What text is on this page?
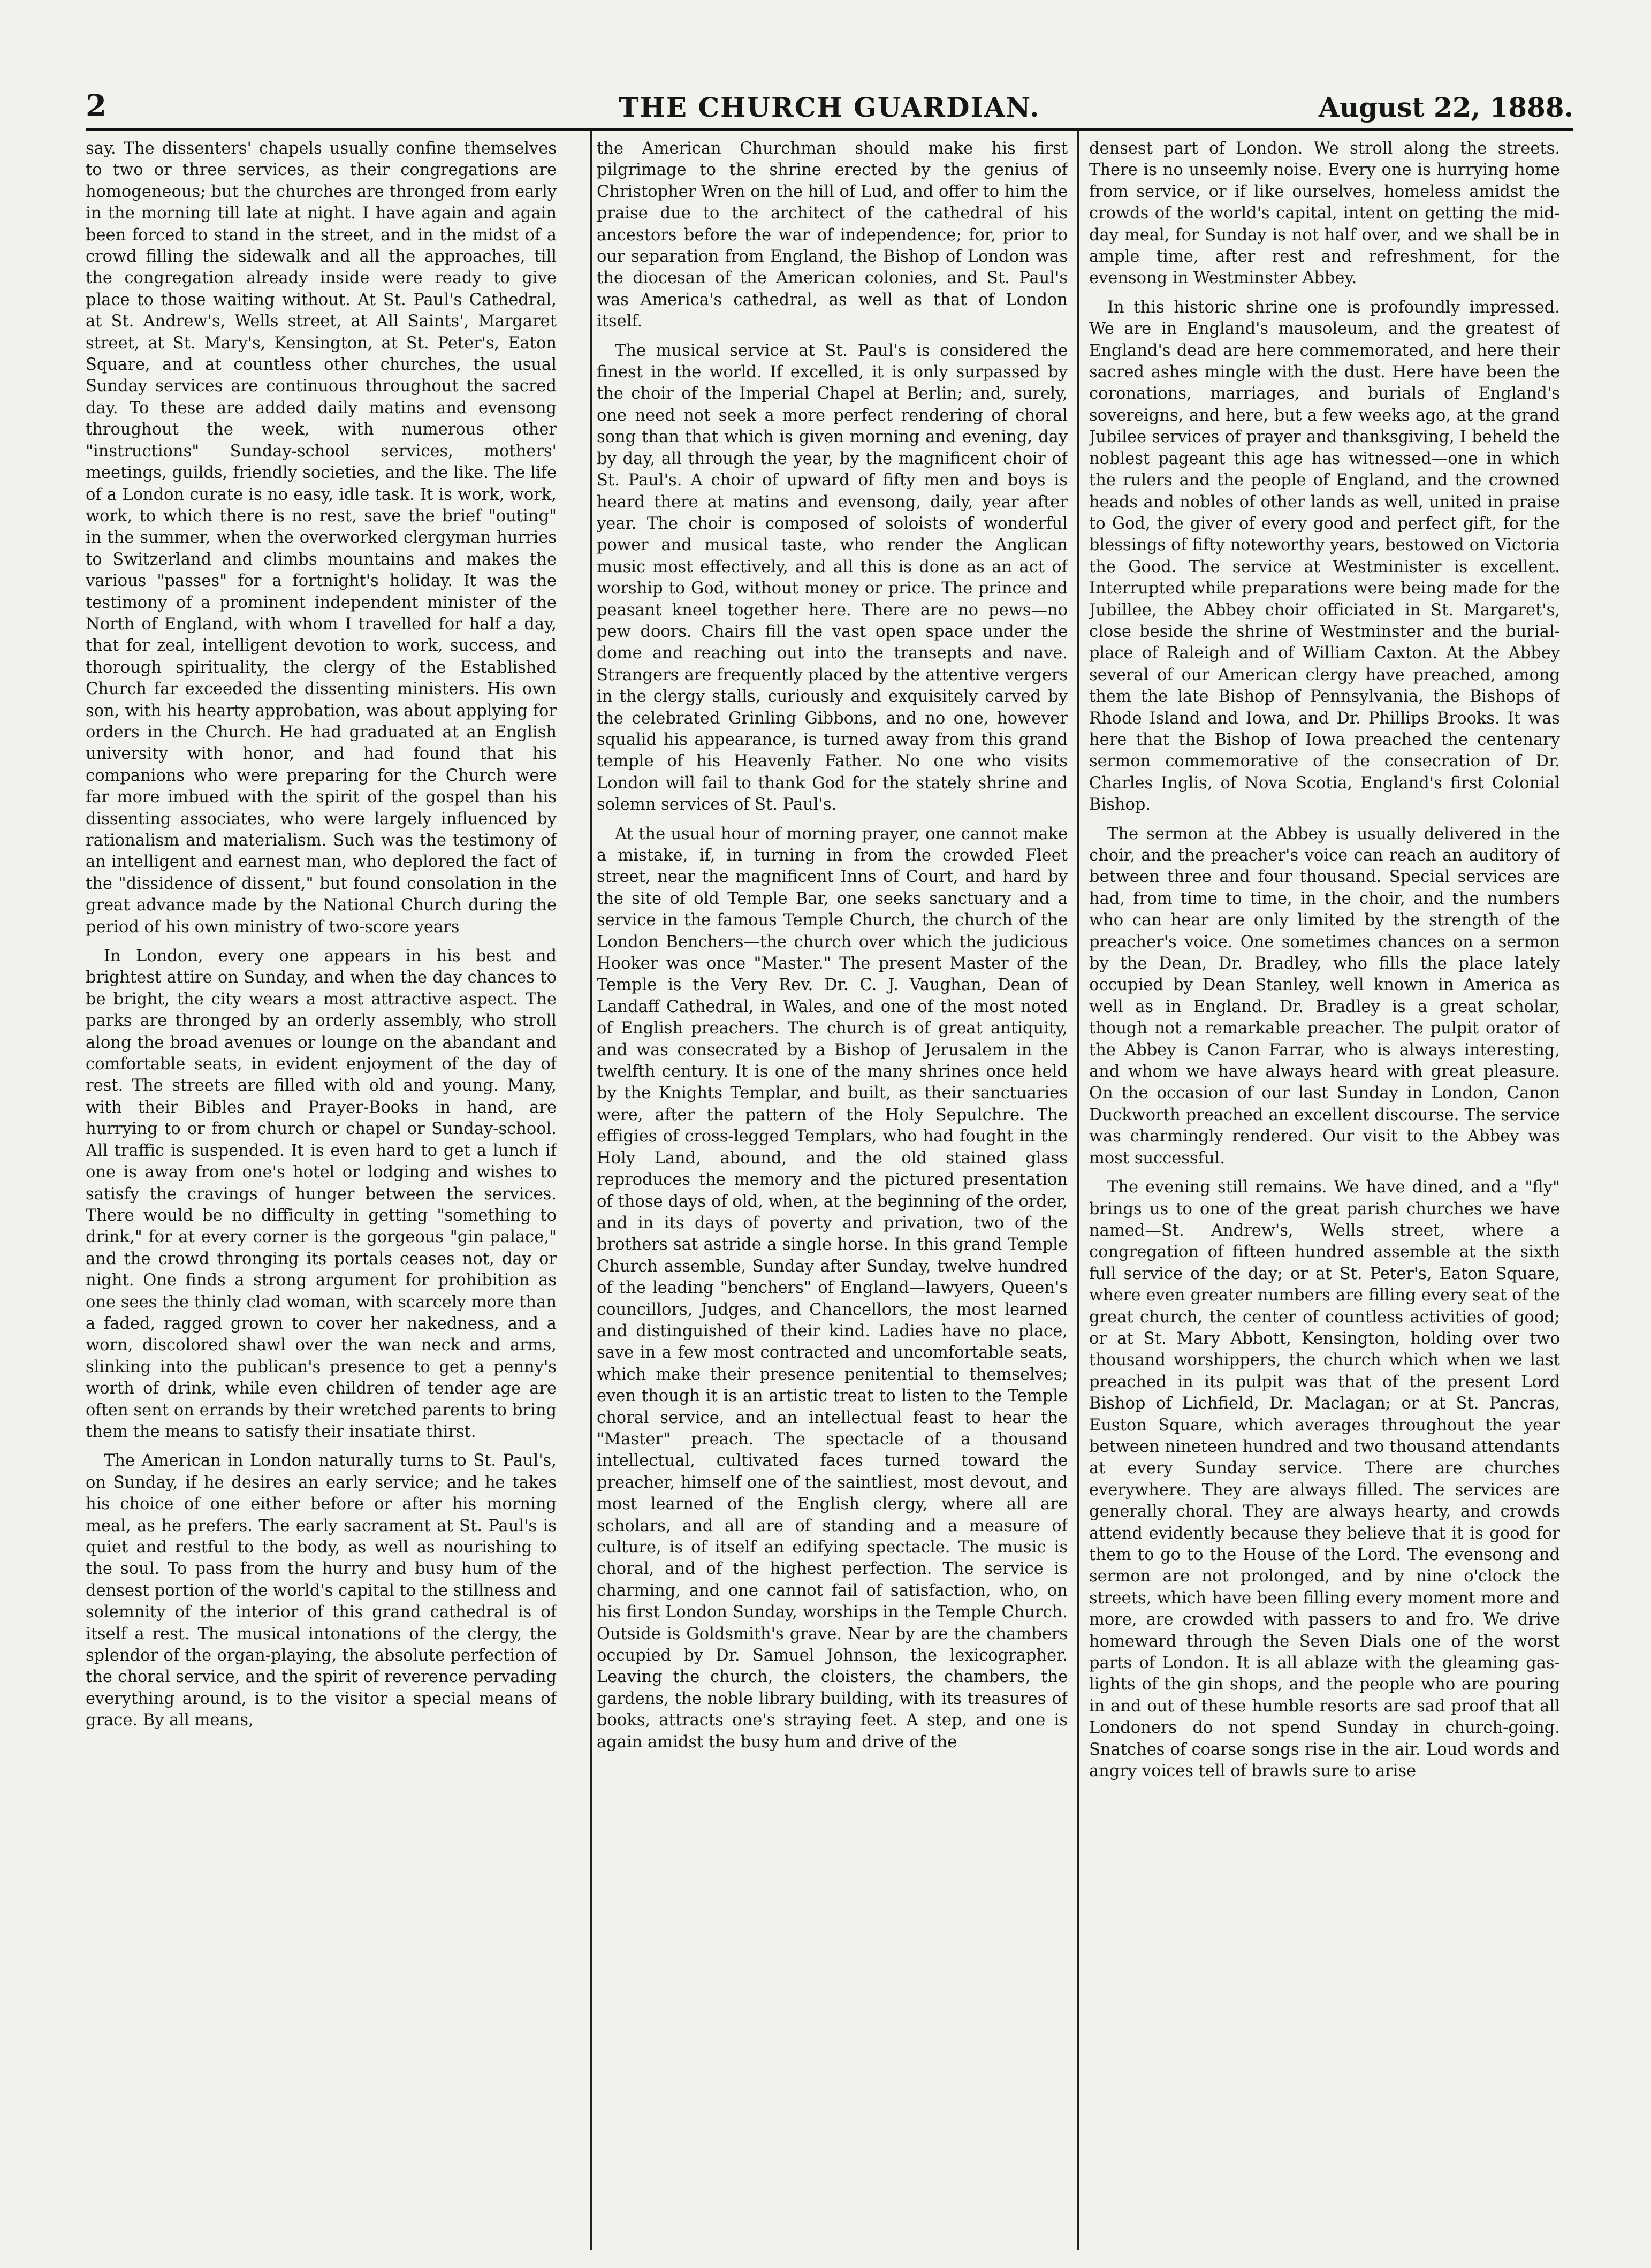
2	THE CHURCH GUARDIAN.	August 22, 1888.

say. The dissenters' chapels usually confine themselves to two or three services, as their congregations are homogeneous; but the churches are thronged from early in the morning till late at night. I have again and again been forced to stand in the street, and in the midst of a crowd filling the sidewalk and all the approaches, till the congregation already inside were ready to give place to those waiting without. At St. Paul's Cathedral, at St. Andrew's, Wells street, at All Saints', Margaret street, at St. Mary's, Kensington, at St. Peter's, Eaton Square, and at countless other churches, the usual Sunday services are continuous throughout the sacred day. To these are added daily matins and evensong throughout the week, with numerous other "instructions" Sunday-school services, mothers' meetings, guilds, friendly societies, and the like. The life of a London curate is no easy, idle task. It is work, work, work, to which there is no rest, save the brief "outing" in the summer, when the overworked clergyman hurries to Switzerland and climbs mountains and makes the various "passes" for a fortnight's holiday. It was the testimony of a prominent independent minister of the North of England, with whom I travelled for half a day, that for zeal, intelligent devotion to work, success, and thorough spirituality, the clergy of the Established Church far exceeded the dissenting ministers. His own son, with his hearty approbation, was about applying for orders in the Church. He had graduated at an English university with honor, and had found that his companions who were preparing for the Church were far more imbued with the spirit of the gospel than his dissenting associates, who were largely influenced by rationalism and materialism. Such was the testimony of an intelligent and earnest man, who deplored the fact of the "dissidence of dissent," but found consolation in the great advance made by the National Church during the period of his own ministry of two-score years

In London, every one appears in his best and brightest attire on Sunday, and when the day chances to be bright, the city wears a most attractive aspect. The parks are thronged by an orderly assembly, who stroll along the broad avenues or lounge on the abandant and comfortable seats, in evident enjoyment of the day of rest. The streets are filled with old and young. Many, with their Bibles and Prayer-Books in hand, are hurrying to or from church or chapel or Sunday-school. All traffic is suspended. It is even hard to get a lunch if one is away from one's hotel or lodging and wishes to satisfy the cravings of hunger between the services. There would be no difficulty in getting "something to drink," for at every corner is the gorgeous "gin palace," and the crowd thronging its portals ceases not, day or night. One finds a strong argument for prohibition as one sees the thinly clad woman, with scarcely more than a faded, ragged grown to cover her nakedness, and a worn, discolored shawl over the wan neck and arms, slinking into the publican's presence to get a penny's worth of drink, while even children of tender age are often sent on errands by their wretched parents to bring them the means to satisfy their insatiate thirst.

The American in London naturally turns to St. Paul's, on Sunday, if he desires an early service; and he takes his choice of one either before or after his morning meal, as he prefers. The early sacrament at St. Paul's is quiet and restful to the body, as well as nourishing to the soul. To pass from the hurry and busy hum of the densest portion of the world's capital to the stillness and solemnity of the interior of this grand cathedral is of itself a rest. The musical intonations of the clergy, the splendor of the organ-playing, the absolute perfection of the choral service, and the spirit of reverence pervading everything around, is to the visitor a special means of grace. By all means,

the American Churchman should make his first pilgrimage to the shrine erected by the genius of Christopher Wren on the hill of Lud, and offer to him the praise due to the architect of the cathedral of his ancestors before the war of independence; for, prior to our separation from England, the Bishop of London was the diocesan of the American colonies, and St. Paul's was America's cathedral, as well as that of London itself.

The musical service at St. Paul's is considered the finest in the world. If excelled, it is only surpassed by the choir of the Imperial Chapel at Berlin; and, surely, one need not seek a more perfect rendering of choral song than that which is given morning and evening, day by day, all through the year, by the magnificent choir of St. Paul's. A choir of upward of fifty men and boys is heard there at matins and evensong, daily, year after year. The choir is composed of soloists of wonderful power and musical taste, who render the Anglican music most effectively, and all this is done as an act of worship to God, without money or price. The prince and peasant kneel together here. There are no pews—no pew doors. Chairs fill the vast open space under the dome and reaching out into the transepts and nave. Strangers are frequently placed by the attentive vergers in the clergy stalls, curiously and exquisitely carved by the celebrated Grinling Gibbons, and no one, however squalid his appearance, is turned away from this grand temple of his Heavenly Father. No one who visits London will fail to thank God for the stately shrine and solemn services of St. Paul's.

At the usual hour of morning prayer, one cannot make a mistake, if, in turning in from the crowded Fleet street, near the magnificent Inns of Court, and hard by the site of old Temple Bar, one seeks sanctuary and a service in the famous Temple Church, the church of the London Benchers—the church over which the judicious Hooker was once "Master." The present Master of the Temple is the Very Rev. Dr. C. J. Vaughan, Dean of Landaff Cathedral, in Wales, and one of the most noted of English preachers. The church is of great antiquity, and was consecrated by a Bishop of Jerusalem in the twelfth century. It is one of the many shrines once held by the Knights Templar, and built, as their sanctuaries were, after the pattern of the Holy Sepulchre. The effigies of cross-legged Templars, who had fought in the Holy Land, abound, and the old stained glass reproduces the memory and the pictured presentation of those days of old, when, at the beginning of the order, and in its days of poverty and privation, two of the brothers sat astride a single horse. In this grand Temple Church assemble, Sunday after Sunday, twelve hundred of the leading "benchers" of England—lawyers, Queen's councillors, Judges, and Chancellors, the most learned and distinguished of their kind. Ladies have no place, save in a few most contracted and uncomfortable seats, which make their presence penitential to themselves; even though it is an artistic treat to listen to the Temple choral service, and an intellectual feast to hear the "Master" preach. The spectacle of a thousand intellectual, cultivated faces turned toward the preacher, himself one of the saintliest, most devout, and most learned of the English clergy, where all are scholars, and all are of standing and a measure of culture, is of itself an edifying spectacle. The music is choral, and of the highest perfection. The service is charming, and one cannot fail of satisfaction, who, on his first London Sunday, worships in the Temple Church. Outside is Goldsmith's grave. Near by are the chambers occupied by Dr. Samuel Johnson, the lexicographer. Leaving the church, the cloisters, the chambers, the gardens, the noble library building, with its treasures of books, attracts one's straying feet. A step, and one is again amidst the busy hum and drive of the

densest part of London. We stroll along the streets. There is no unseemly noise. Every one is hurrying home from service, or if like ourselves, homeless amidst the crowds of the world's capital, intent on getting the mid-day meal, for Sunday is not half over, and we shall be in ample time, after rest and refreshment, for the evensong in Westminster Abbey.

In this historic shrine one is profoundly impressed. We are in England's mausoleum, and the greatest of England's dead are here commemorated, and here their sacred ashes mingle with the dust. Here have been the coronations, marriages, and burials of England's sovereigns, and here, but a few weeks ago, at the grand Jubilee services of prayer and thanksgiving, I beheld the noblest pageant this age has witnessed—one in which the rulers and the people of England, and the crowned heads and nobles of other lands as well, united in praise to God, the giver of every good and perfect gift, for the blessings of fifty noteworthy years, bestowed on Victoria the Good. The service at Westminister is excellent. Interrupted while preparations were being made for the Jubillee, the Abbey choir officiated in St. Margaret's, close beside the shrine of Westminster and the burial-place of Raleigh and of William Caxton. At the Abbey several of our American clergy have preached, among them the late Bishop of Pennsylvania, the Bishops of Rhode Island and Iowa, and Dr. Phillips Brooks. It was here that the Bishop of Iowa preached the centenary sermon commemorative of the consecration of Dr. Charles Inglis, of Nova Scotia, England's first Colonial Bishop.

The sermon at the Abbey is usually delivered in the choir, and the preacher's voice can reach an auditory of between three and four thousand. Special services are had, from time to time, in the choir, and the numbers who can hear are only limited by the strength of the preacher's voice. One sometimes chances on a sermon by the Dean, Dr. Bradley, who fills the place lately occupied by Dean Stanley, well known in America as well as in England. Dr. Bradley is a great scholar, though not a remarkable preacher. The pulpit orator of the Abbey is Canon Farrar, who is always interesting, and whom we have always heard with great pleasure. On the occasion of our last Sunday in London, Canon Duckworth preached an excellent discourse. The service was charmingly rendered. Our visit to the Abbey was most successful.

The evening still remains. We have dined, and a "fly" brings us to one of the great parish churches we have named—St. Andrew's, Wells street, where a congregation of fifteen hundred assemble at the sixth full service of the day; or at St. Peter's, Eaton Square, where even greater numbers are filling every seat of the great church, the center of countless activities of good; or at St. Mary Abbott, Kensington, holding over two thousand worshippers, the church which when we last preached in its pulpit was that of the present Lord Bishop of Lichfield, Dr. Maclagan; or at St. Pancras, Euston Square, which averages throughout the year between nineteen hundred and two thousand attendants at every Sunday service. There are churches everywhere. They are always filled. The services are generally choral. They are always hearty, and crowds attend evidently because they believe that it is good for them to go to the House of the Lord. The evensong and sermon are not prolonged, and by nine o'clock the streets, which have been filling every moment more and more, are crowded with passers to and fro. We drive homeward through the Seven Dials one of the worst parts of London. It is all ablaze with the gleaming gas-lights of the gin shops, and the people who are pouring in and out of these humble resorts are sad proof that all Londoners do not spend Sunday in church-going. Snatches of coarse songs rise in the air. Loud words and angry voices tell of brawls sure to arise
